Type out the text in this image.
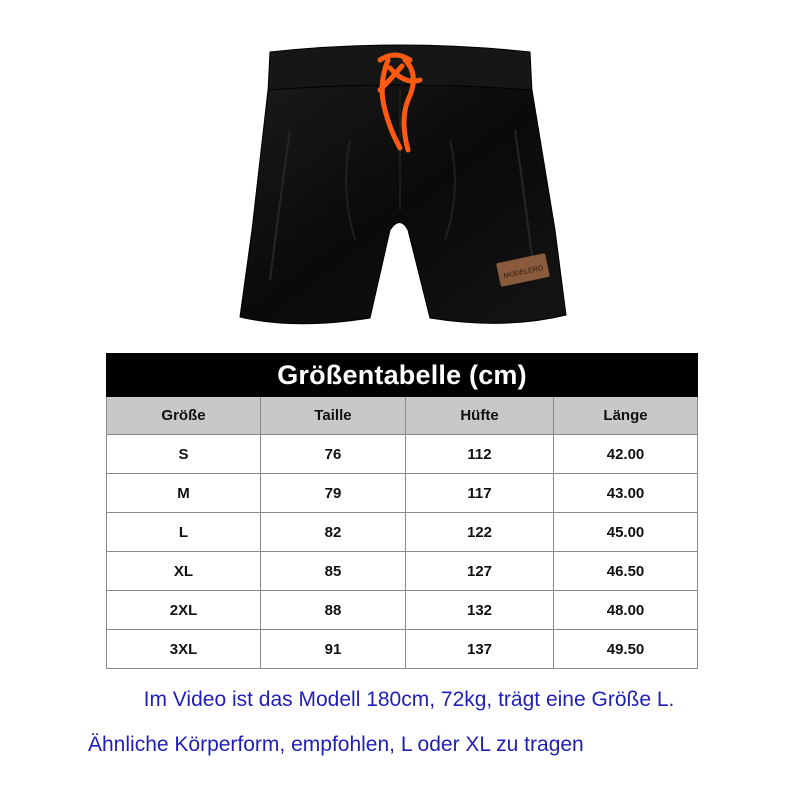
MODELERO
Größentabelle (cm)			
Größe	Taille	Hüfte	Länge
S	76	112	42.00
M	79	117	43.00
L	82	122	45.00
XL	85	127	46.50
2XL	88	132	48.00
3XL	91	137	49.50
Im Video ist das Modell 180cm, 72kg, trägt eine Größe L.
Ähnliche Körperform, empfohlen, L oder XL zu tragen
